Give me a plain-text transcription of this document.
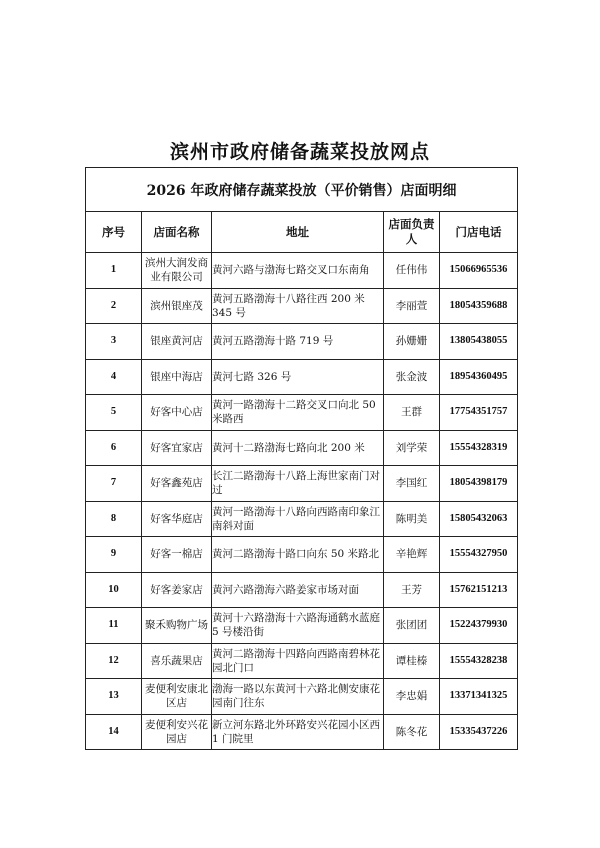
滨州市政府储备蔬菜投放网点
2026 年政府储存蔬菜投放（平价销售）店面明细				
序号	店面名称	地址	店面负责人	门店电话
1	滨州大润发商业有限公司	黄河六路与渤海七路交叉口东南角	任伟伟	15066965536
2	滨州银座茂	黄河五路渤海十八路往西 200 米 345 号	李丽萱	18054359688
3	银座黄河店	黄河五路渤海十路 719 号	孙姗姗	13805438055
4	银座中海店	黄河七路 326 号	张金波	18954360495
5	好客中心店	黄河一路渤海十二路交叉口向北 50 米路西	王群	17754351757
6	好客宜家店	黄河十二路渤海七路向北 200 米	刘学荣	15554328319
7	好客鑫苑店	长江二路渤海十八路上海世家南门对过	李国红	18054398179
8	好客华庭店	黄河一路渤海十八路向西路南印象江南斜对面	陈明美	15805432063
9	好客一棉店	黄河二路渤海十路口向东 50 米路北	辛艳辉	15554327950
10	好客姜家店	黄河六路渤海六路姜家市场对面	王芳	15762151213
11	聚禾购物广场	黄河十六路渤海十六路海通鹤水蓝庭 5 号楼沿街	张团团	15224379930
12	喜乐蔬果店	黄河二路渤海十四路向西路南碧林花园北门口	谭桂榛	15554328238
13	麦便利安康北区店	渤海一路以东黄河十六路北侧安康花园南门往东	李忠娟	13371341325
14	麦便利安兴花园店	新立河东路北外环路安兴花园小区西 1 门院里	陈冬花	15335437226
